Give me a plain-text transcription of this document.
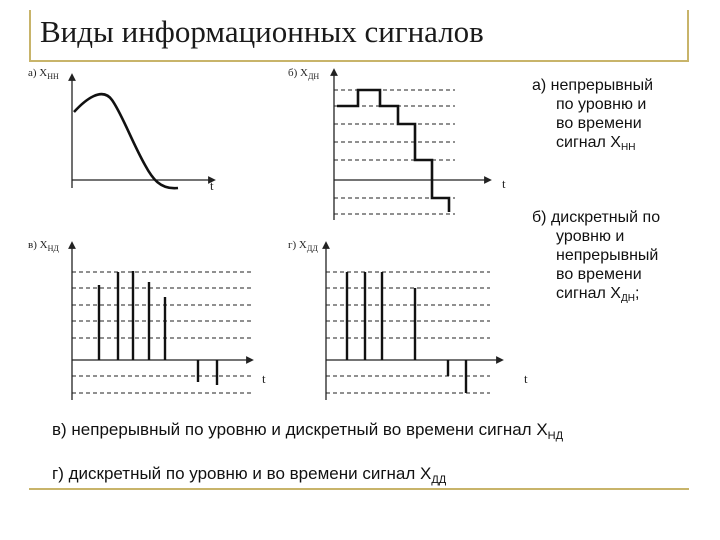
Виды информационных сигналов
а) $X_{НН}$
t
б) $X_{ДН}$
t
в) $X_{НД}$
t
г) $X_{ДД}$
t
а) непрерывный
по уровню и
во времени
сигнал $X_{НН}$
б) дискретный по
уровню и
непрерывный
во времени
сигнал $X_{ДН}$;
в) непрерывный по уровню и дискретный во времени сигнал $X_{НД}$
г) дискретный по уровню и во времени сигнал $X_{ДД}$
